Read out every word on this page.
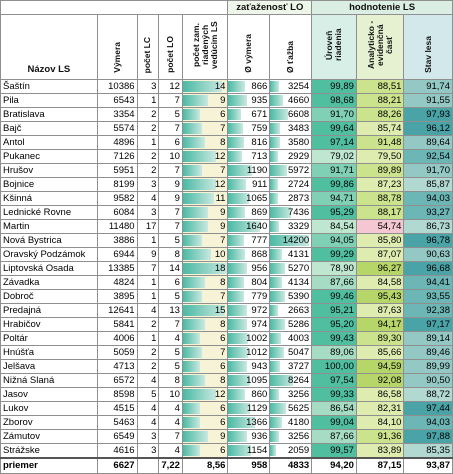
					zaťaženosť LO		hodnotenie LS		
Názov LS	Výmera	počet LC	počet LO	počet zam. riadených vedúcim LS	Ø výmera	Ø ťažba	Úroveň riadenia	Analyticko - evidenčná časť	Stav lesa
Šaštín	10386	3	12	14	866	3254	99,89	88,51	91,74
Pila	6543	1	7	9	935	4660	98,68	88,21	91,55
Bratislava	3354	2	5	6	671	6608	91,70	88,26	97,93
Bajč	5574	2	7	7	759	3483	99,64	85,74	96,12
Antol	4896	1	6	8	816	3580	97,14	91,48	89,64
Pukanec	7126	2	10	12	713	2929	79,02	79,50	92,54
Hrušov	5951	2	7	7	1190	5972	91,71	89,89	91,70
Bojnice	8199	3	9	12	911	2724	99,86	87,23	85,87
Kšinná	9582	4	9	11	1065	2873	94,71	88,78	94,03
Lednické Rovne	6084	3	7	9	869	7436	95,29	88,17	93,27
Martin	11480	17	7	9	1640	3329	84,54	54,74	86,73
Nová Bystrica	3886	1	5	7	777	14200	94,05	85,80	96,78
Oravský Podzámok	6944	9	8	10	868	4131	99,29	87,07	90,63
Liptovská Osada	13385	7	14	18	956	5270	78,90	96,27	96,68
Závadka	4824	1	6	8	804	4134	87,66	84,58	94,41
Dobroč	3895	1	5	7	779	5390	99,46	95,43	93,55
Predajná	12641	4	13	15	972	2663	95,21	87,63	92,38
Hrabičov	5841	2	7	8	974	5286	95,20	94,17	97,17
Poltár	4006	1	4	6	1002	4003	99,43	89,30	89,14
Hnúšťa	5059	2	5	7	1012	5047	89,06	85,66	89,46
Jelšava	4713	2	5	6	943	3727	100,00	94,59	89,99
Nižná Slaná	6572	4	8	8	1095	8264	97,54	92,08	90,50
Jasov	8598	5	10	12	860	3256	99,33	86,58	88,72
Lukov	4515	4	4	6	1129	5625	86,54	82,31	97,44
Zborov	5463	4	4	6	1366	4180	99,04	84,10	94,03
Zámutov	6549	3	7	9	936	3256	87,66	91,36	97,88
Strážske	4616	3	4	6	1154	2059	99,57	83,89	85,35
priemer	6627		7,22	8,56	958	4833	94,20	87,15	93,87
